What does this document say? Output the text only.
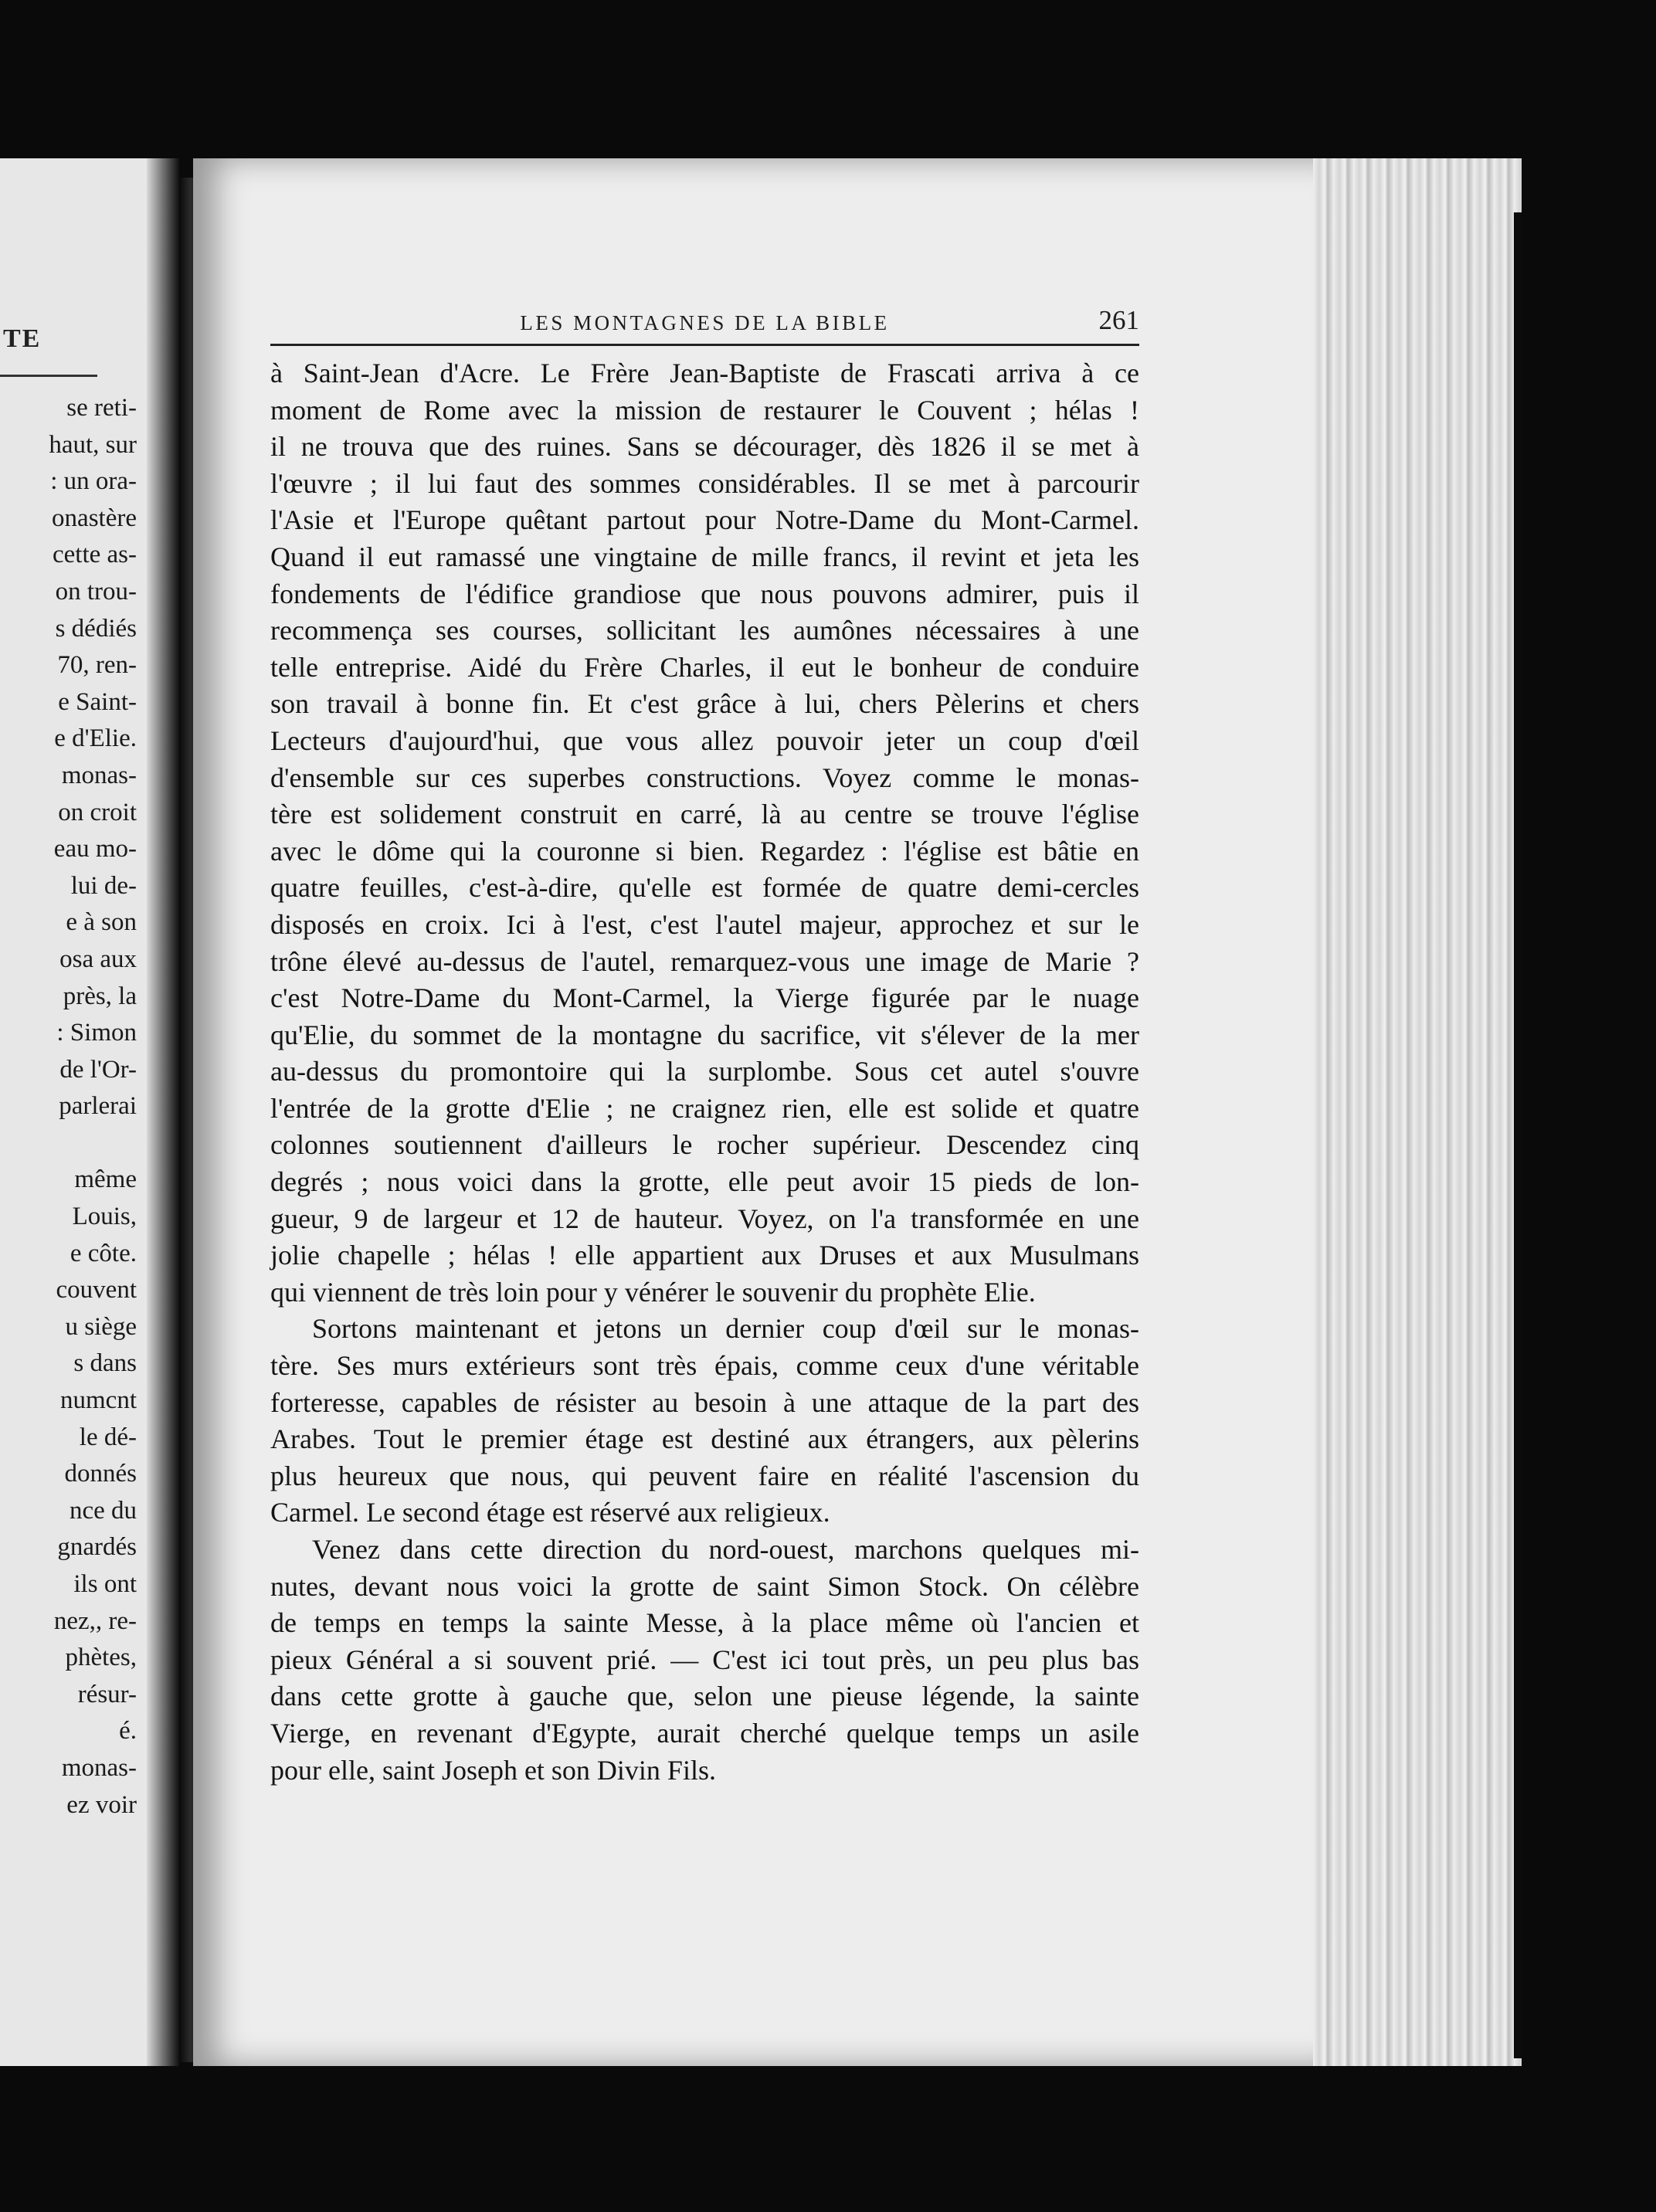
TE
se reti-
haut, sur
: un ora-
onastère
cette as-
on trou-
s dédiés
70, ren-
e Saint-
e d'Elie.
monas-
on croit
eau mo-
lui de-
e à son
osa aux
près, la
: Simon
de l'Or-
parlerai
même
Louis,
e côte.
couvent
u siège
s dans
numcnt
le dé-
donnés
nce du
gnardés
ils ont
nez,, re-
phètes,
résur-
é.
monas-
ez voir
LES MONTAGNES DE LA BIBLE	261
à Saint-Jean d'Acre. Le Frère Jean-Baptiste de Frascati arriva à ce
moment de Rome avec la mission de restaurer le Couvent ; hélas !
il ne trouva que des ruines. Sans se décourager, dès 1826 il se met à
l'œuvre ; il lui faut des sommes considérables. Il se met à parcourir
l'Asie et l'Europe quêtant partout pour Notre-Dame du Mont-Carmel.
Quand il eut ramassé une vingtaine de mille francs, il revint et jeta les
fondements de l'édifice grandiose que nous pouvons admirer, puis il
recommença ses courses, sollicitant les aumônes nécessaires à une
telle entreprise. Aidé du Frère Charles, il eut le bonheur de conduire
son travail à bonne fin. Et c'est grâce à lui, chers Pèlerins et chers
Lecteurs d'aujourd'hui, que vous allez pouvoir jeter un coup d'œil
d'ensemble sur ces superbes constructions. Voyez comme le monas-
tère est solidement construit en carré, là au centre se trouve l'église
avec le dôme qui la couronne si bien. Regardez : l'église est bâtie en
quatre feuilles, c'est-à-dire, qu'elle est formée de quatre demi-cercles
disposés en croix. Ici à l'est, c'est l'autel majeur, approchez et sur le
trône élevé au-dessus de l'autel, remarquez-vous une image de Marie ?
c'est Notre-Dame du Mont-Carmel, la Vierge figurée par le nuage
qu'Elie, du sommet de la montagne du sacrifice, vit s'élever de la mer
au-dessus du promontoire qui la surplombe. Sous cet autel s'ouvre
l'entrée de la grotte d'Elie ; ne craignez rien, elle est solide et quatre
colonnes soutiennent d'ailleurs le rocher supérieur. Descendez cinq
degrés ; nous voici dans la grotte, elle peut avoir 15 pieds de lon-
gueur, 9 de largeur et 12 de hauteur. Voyez, on l'a transformée en une
jolie chapelle ; hélas ! elle appartient aux Druses et aux Musulmans
qui viennent de très loin pour y vénérer le souvenir du prophète Elie.
Sortons maintenant et jetons un dernier coup d'œil sur le monas-
tère. Ses murs extérieurs sont très épais, comme ceux d'une véritable
forteresse, capables de résister au besoin à une attaque de la part des
Arabes. Tout le premier étage est destiné aux étrangers, aux pèlerins
plus heureux que nous, qui peuvent faire en réalité l'ascension du
Carmel. Le second étage est réservé aux religieux.
Venez dans cette direction du nord-ouest, marchons quelques mi-
nutes, devant nous voici la grotte de saint Simon Stock. On célèbre
de temps en temps la sainte Messe, à la place même où l'ancien et
pieux Général a si souvent prié. — C'est ici tout près, un peu plus bas
dans cette grotte à gauche que, selon une pieuse légende, la sainte
Vierge, en revenant d'Egypte, aurait cherché quelque temps un asile
pour elle, saint Joseph et son Divin Fils.
